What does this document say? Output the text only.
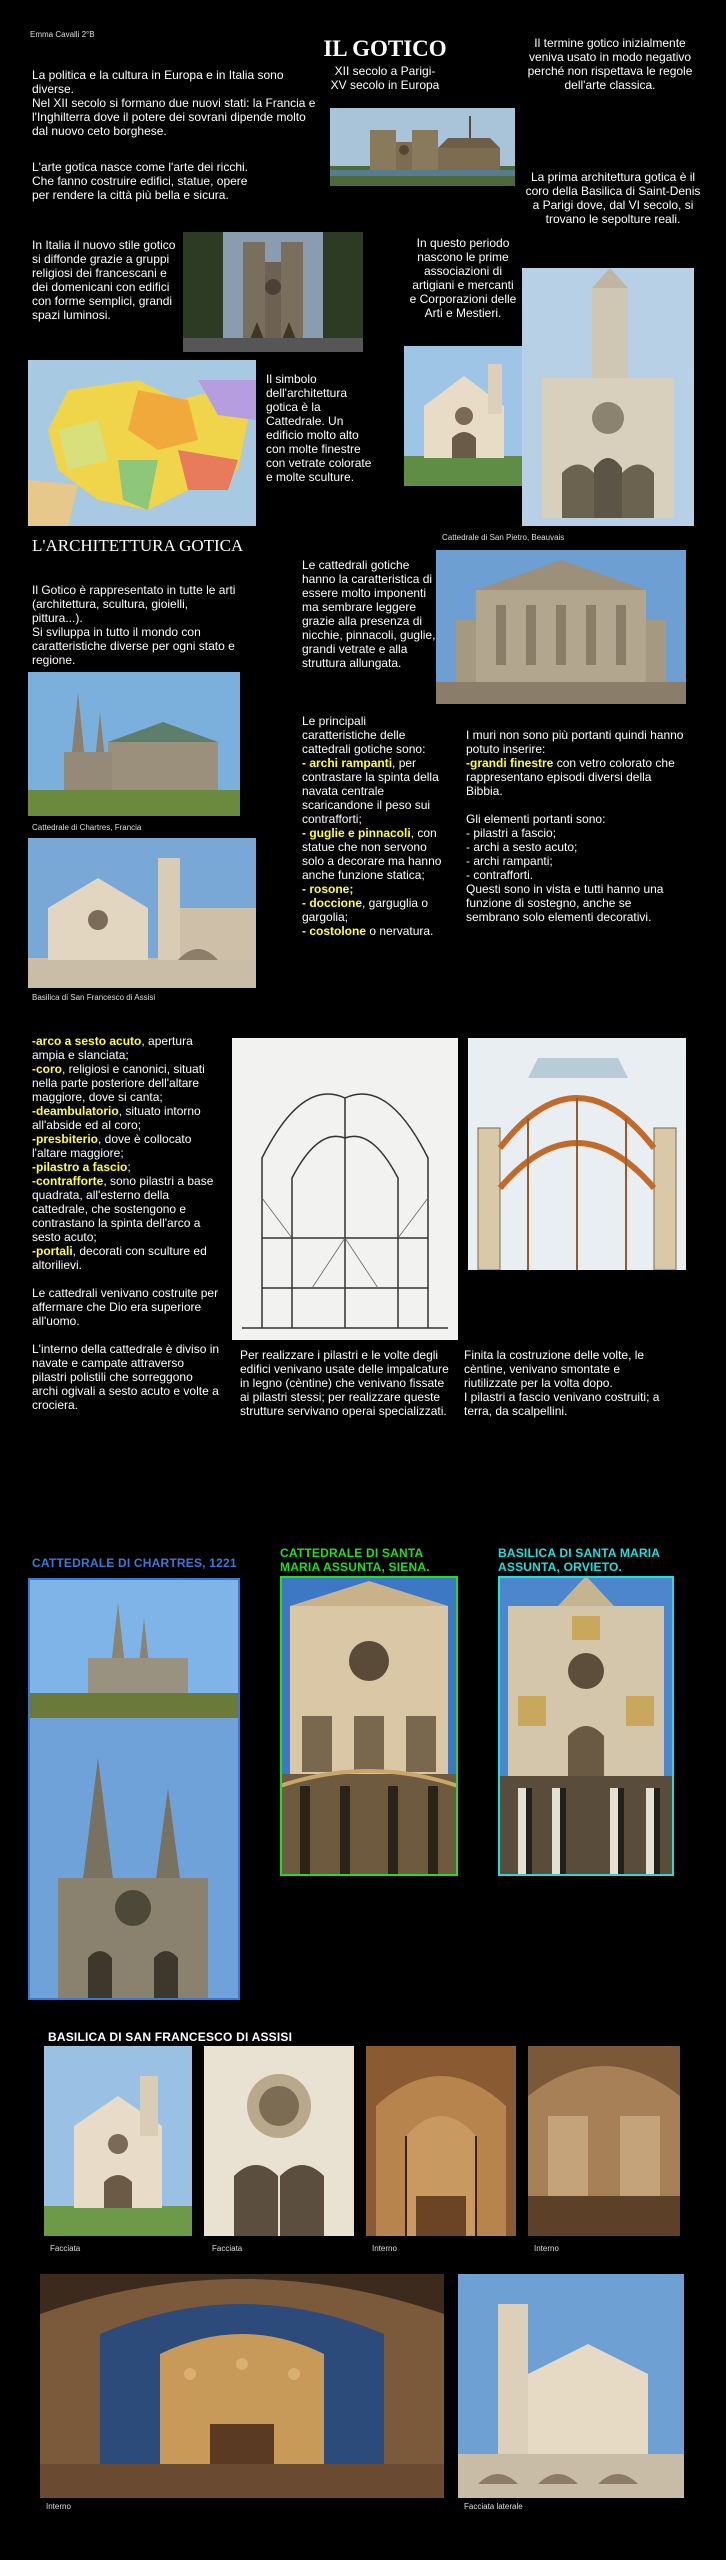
Emma Cavalli 2°B
IL GOTICO
XII secolo a Parigi-
XV secolo in Europa

La politica e la cultura in Europa e in Italia sono diverse.

Nel XII secolo si formano due nuovi stati: la Francia e l'Inghilterra dove il potere dei sovrani dipende molto dal nuovo ceto borghese.

L'arte gotica nasce come l'arte dei ricchi. Che fanno costruire edifici, statue, opere per rendere la città più bella e sicura.
In Italia il nuovo stile gotico si diffonde grazie a gruppi religiosi dei francescani e dei domenicani con edifici con forme semplici, grandi spazi luminosi.
Il termine gotico inizialmente veniva usato in modo negativo perché non rispettava le regole dell'arte classica.
La prima architettura gotica è il coro della Basilica di Saint-Denis a Parigi dove, dal VI secolo, si trovano le sepolture reali.
In questo periodo nascono le prime associazioni di artigiani e mercanti e Corporazioni delle Arti e Mestieri.
Il simbolo dell'architettura gotica è la Cattedrale. Un edificio molto alto con molte finestre con vetrate colorate e molte sculture.
Cattedrale di San Pietro, Beauvais
L'ARCHITETTURA GOTICA

Il Gotico è rappresentato in tutte le arti (architettura, scultura, gioielli, pittura...).

Si sviluppa in tutto il mondo con caratteristiche diverse per ogni stato e regione.

Cattedrale di Chartres, Francia
Basilica di San Francesco di Assisi
Le cattedrali gotiche hanno la caratteristica di essere molto imponenti ma sembrare leggere grazie alla presenza di nicchie, pinnacoli, guglie, grandi vetrate e alla struttura allungata.

Le principali caratteristiche delle cattedrali gotiche sono:

- archi rampanti, per contrastare la spinta della navata centrale scaricandone il peso sui contrafforti;

- guglie e pinnacoli, con statue che non servono solo a decorare ma hanno anche funzione statica;

- rosone;

- doccione, garguglia o gargolia;

- costolone o nervatura.

I muri non sono più portanti quindi hanno potuto inserire:

-grandi finestre con vetro colorato che rappresentano episodi diversi della Bibbia.

Gli elementi portanti sono:

- pilastri a fascio;
- archi a sesto acuto;
- archi rampanti;
- contrafforti.

Questi sono in vista e tutti hanno una funzione di sostegno, anche se sembrano solo elementi decorativi.

-arco a sesto acuto, apertura ampia e slanciata;

-coro, religiosi e canonici, situati nella parte posteriore dell'altare maggiore, dove si canta;

-deambulatorio, situato intorno all'abside ed al coro;

-presbiterio, dove è collocato l'altare maggiore;

-pilastro a fascio;

-contrafforte, sono pilastri a base quadrata, all'esterno della cattedrale, che sostengono e contrastano la spinta dell'arco a sesto acuto;

-portali, decorati con sculture ed altorilievi.

Le cattedrali venivano costruite per affermare che Dio era superiore all'uomo.

L'interno della cattedrale è diviso in navate e campate attraverso pilastri polistili che sorreggono archi ogivali a sesto acuto e volte a crociera.

Per realizzare i pilastri e le volte degli edifici venivano usate delle impalcature in legno (cèntine) che venivano fissate ai pilastri stessi; per realizzare queste strutture servivano operai specializzati.

Finita la costruzione delle volte, le cèntine, venivano smontate e riutilizzate per la volta dopo.

I pilastri a fascio venivano costruiti; a terra, da scalpellini.

CATTEDRALE DI CHARTRES, 1221
CATTEDRALE DI SANTA MARIA ASSUNTA, SIENA.
BASILICA DI SANTA MARIA ASSUNTA, ORVIETO.
BASILICA DI SAN FRANCESCO DI ASSISI
Facciata	Facciata	Interno	Interno
Interno	Facciata laterale
